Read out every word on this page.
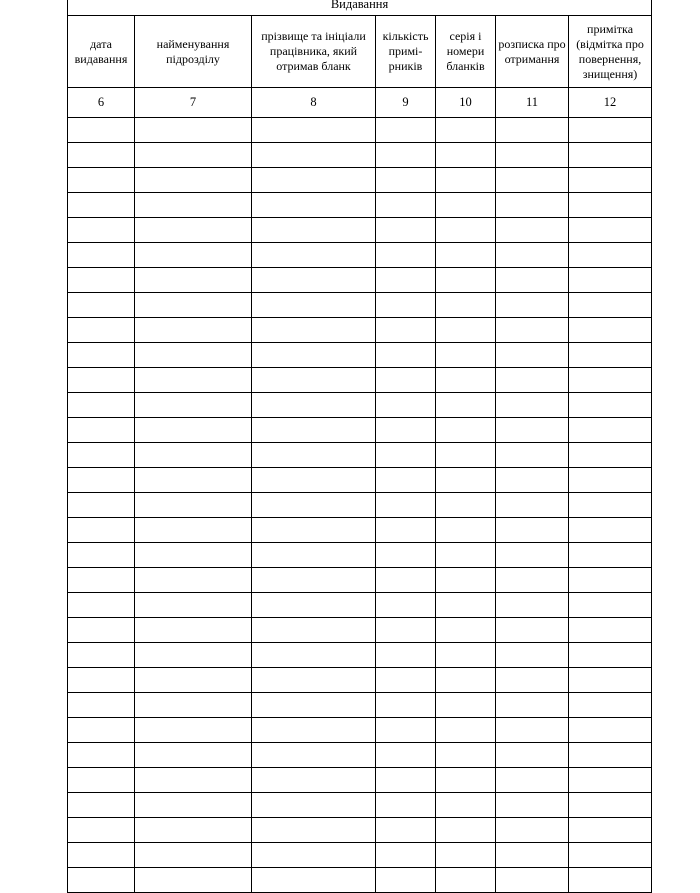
Видавання						

дата видавання	найменування підрозділу	прізвище та ініціали працівника, який отримав бланк	кількість примі-рників	серія і номери бланків	розписка про отримання	примітка (відмітка про повернення, знищення)

6	7	8	9	10	11	12
